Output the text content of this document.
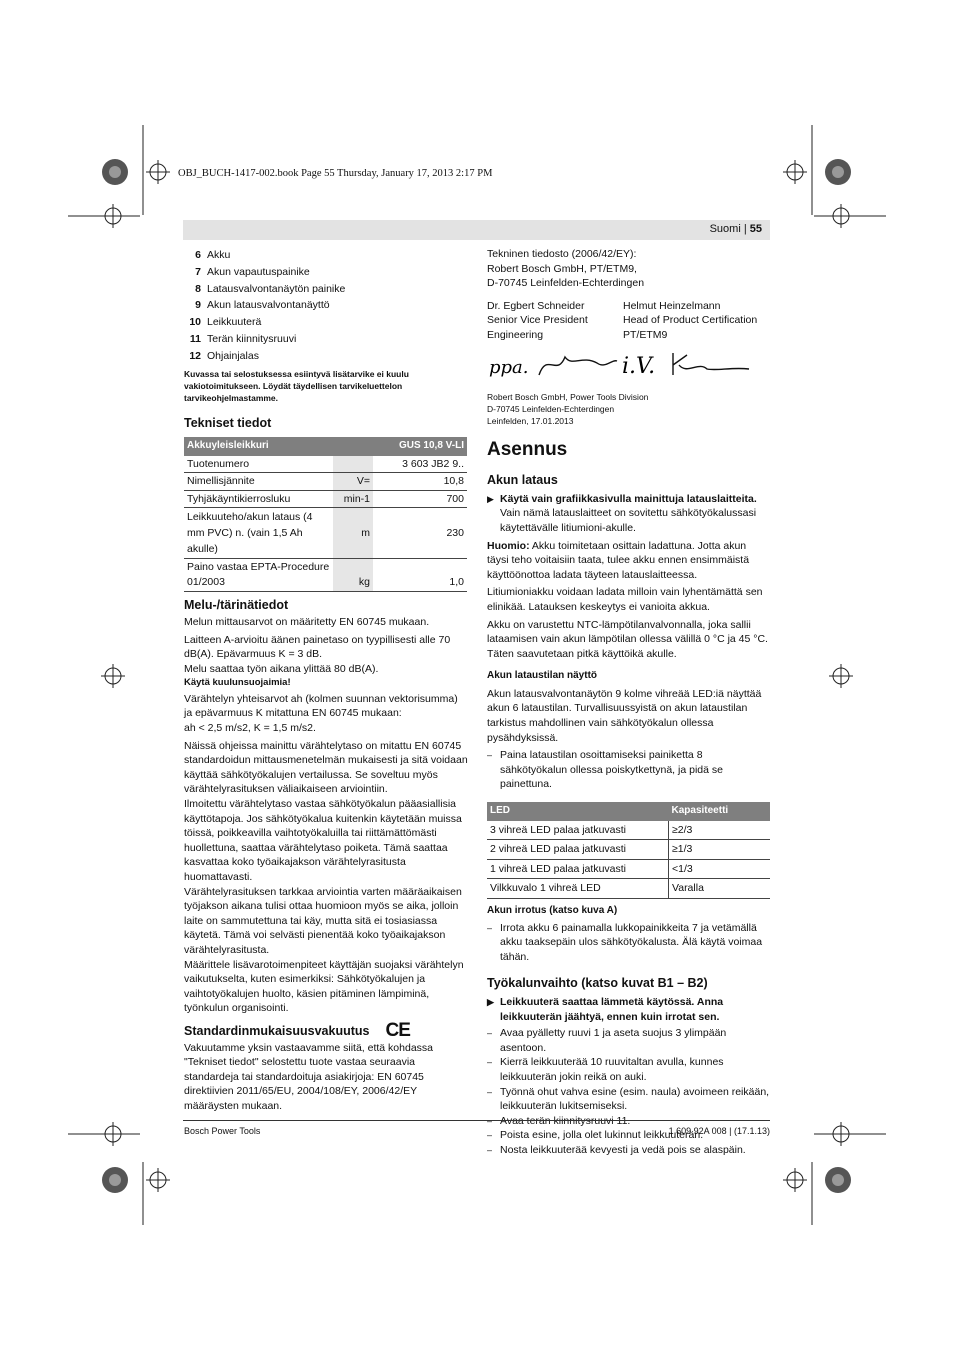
OBJ_BUCH-1417-002.book Page 55 Thursday, January 17, 2013 2:17 PM
Suomi | 55
6 Akku
7 Akun vapautuspainike
8 Latausvalvontanäytön painike
9 Akun latausvalvontanäyttö
10 Leikkuuterä
11 Terän kiinnitysruuvi
12 Ohjainjalas

Kuvassa tai selostuksessa esiintyvä lisätarvike ei kuulu vakiotoimitukseen. Löydät täydellisen tarvikeluettelon tarvikeohjelmastamme.

Tekniset tiedot
Akkuyleisleikkuri		GUS 10,8 V-LI
Tuotenumero		3 603 JB2 9..
Nimellisjännite	V=	10,8
Tyhjäkäyntikierrosluku	min-1	700
Leikkuuteho/akun lataus (4 mm PVC) n. (vain 1,5 Ah akulle)	m	230
Paino vastaa EPTA-Procedure 01/2003	kg	1,0
Melu-/tärinätiedot

Melun mittausarvot on määritetty EN 60745 mukaan.

Laitteen A-arvioitu äänen painetaso on tyypillisesti alle 70 dB(A). Epävarmuus K = 3 dB.

Melu saattaa työn aikana ylittää 80 dB(A).

Käytä kuulunsuojaimia!

Värähtelyn yhteisarvot ah (kolmen suunnan vektorisumma) ja epävarmuus K mitattuna EN 60745 mukaan:

ah < 2,5 m/s2, K = 1,5 m/s2.

Näissä ohjeissa mainittu värähtelytaso on mitattu EN 60745 standardoidun mittausmenetelmän mukaisesti ja sitä voidaan käyttää sähkötyökalujen vertailussa. Se soveltuu myös värähtelyrasituksen väliaikaiseen arviointiin.

Ilmoitettu värähtelytaso vastaa sähkötyökalun pääasiallisia käyttötapoja. Jos sähkötyökalua kuitenkin käytetään muissa töissä, poikkeavilla vaihtotyökaluilla tai riittämättömästi huollettuna, saattaa värähtelytaso poiketa. Tämä saattaa kasvattaa koko työaikajakson värähtelyrasitusta huomattavasti.

Värähtelyrasituksen tarkkaa arviointia varten määräaikaisen työjakson aikana tulisi ottaa huomioon myös se aika, jolloin laite on sammutettuna tai käy, mutta sitä ei tosiasiassa käytetä. Tämä voi selvästi pienentää koko työaikajakson värähtelyrasitusta.

Määrittele lisävarotoimenpiteet käyttäjän suojaksi värähtelyn vaikutukselta, kuten esimerkiksi: Sähkötyökalujen ja vaihtotyökalujen huolto, käsien pitäminen lämpiminä, työnkulun organisointi.

Standardinmukaisuusvakuutus CE

Vakuutamme yksin vastaavamme siitä, että kohdassa "Tekniset tiedot" selostettu tuote vastaa seuraavia standardeja tai standardoituja asiakirjoja: EN 60745 direktiivien 2011/65/EU, 2004/108/EY, 2006/42/EY määräysten mukaan.

Tekninen tiedosto (2006/42/EY):

Robert Bosch GmbH, PT/ETM9,

D-70745 Leinfelden-Echterdingen

Dr. Egbert Schneider

Senior Vice President

Engineering

Helmut Heinzelmann

Head of Product Certification

PT/ETM9

ppa.	i.V.

Robert Bosch GmbH, Power Tools Division

D-70745 Leinfelden-Echterdingen

Leinfelden, 17.01.2013

Asennus
Akun lataus
▶ Käytä vain grafiikkasivulla mainittuja latauslaitteita.
Vain nämä latauslaitteet on sovitettu sähkötyökalussasi käytettävälle litiumioni-akulle.

Huomio: Akku toimitetaan osittain ladattuna. Jotta akun täysi teho voitaisiin taata, tulee akku ennen ensimmäistä käyttöönottoa ladata täyteen latauslaitteessa.

Litiumioniakku voidaan ladata milloin vain lyhentämättä sen elinikää. Latauksen keskeytys ei vanioita akkua.

Akku on varustettu NTC-lämpötilanvalvonnalla, joka sallii lataamisen vain akun lämpötilan ollessa välillä 0 °C ja 45 °C. Täten saavutetaan pitkä käyttöikä akulle.

Akun lataustilan näyttö

Akun latausvalvontanäytön 9 kolme vihreää LED:iä näyttää akun 6 lataustilan. Turvallisuussyistä on akun lataustilan tarkistus mahdollinen vain sähkötyökalun ollessa pysähdyksissä.

– Paina lataustilan osoittamiseksi painiketta 8 sähkötyökalun ollessa poiskytkettynä, ja pidä se painettuna.
LED	Kapasiteetti
3 vihreä LED palaa jatkuvasti	≥2/3
2 vihreä LED palaa jatkuvasti	≥1/3
1 vihreä LED palaa jatkuvasti	<1/3
Vilkkuvalo 1 vihreä LED	Varalla
Akun irrotus (katso kuva A)
– Irrota akku 6 painamalla lukkopainikkeita 7 ja vetämällä akku taaksepäin ulos sähkötyökalusta. Älä käytä voimaa tähän.
Työkalunvaihto (katso kuvat B1 – B2)
▶ Leikkuuterä saattaa lämmetä käytössä. Anna leikkuuterän jäähtyä, ennen kuin irrotat sen.
– Avaa pyälletty ruuvi 1 ja aseta suojus 3 ylimpään asentoon.
– Kierrä leikkuuterää 10 ruuvitaltan avulla, kunnes leikkuuterän jokin reikä on auki.
– Työnnä ohut vahva esine (esim. naula) avoimeen reikään, leikkuuterän lukitsemiseksi.
– Poista esine, jolla olet lukinnut leikkuuterän.
– Nosta leikkuuterää kevyesti ja vedä pois se alaspäin.
Bosch Power Tools	1 609 92A 008 | (17.1.13)
